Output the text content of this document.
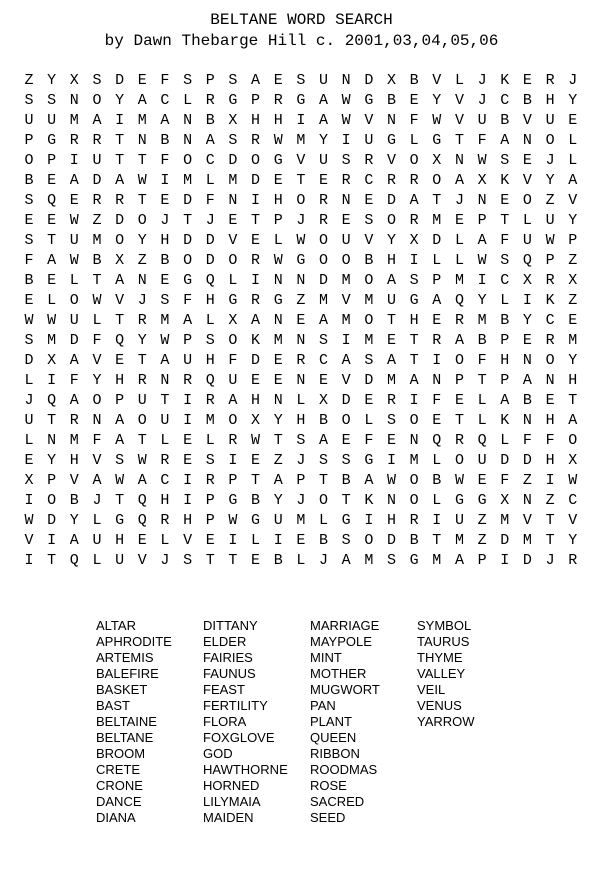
BELTANE WORD SEARCH
by Dawn Thebarge Hill c. 2001,03,04,05,06
Z Y X S D E F S P S A E S U N D X B V L J K E R J
S S N O Y A C L R G P R G A W G B E Y V J C B H Y
U U M A I M A N B X H H I A W V N F W V U B V U E
P G R R T N B N A S R W M Y I U G L G T F A N O L
O P I U T T F O C D O G V U S R V O X N W S E J L
B E A D A W I M L M D E T E R C R R O A X K V Y A
S Q E R R T E D F N I H O R N E D A T J N E O Z V
E E W Z D O J T J E T P J R E S O R M E P T L U Y
S T U M O Y H D D V E L W O U V Y X D L A F U W P
F A W B X Z B O D O R W G O O B H I L L W S Q P Z
B E L T A N E G Q L I N N D M O A S P M I C X R X
E L O W V J S F H G R G Z M V M U G A Q Y L I K Z
W W U L T R M A L X A N E A M O T H E R M B Y C E
S M D F Q Y W P S O K M N S I M E T R A B P E R M
D X A V E T A U H F D E R C A S A T I O F H N O Y
L I F Y H R N R Q U E E N E V D M A N P T P A N H
J Q A O P U T I R A H N L X D E R I F E L A B E T
U T R N A O U I M O X Y H B O L S O E T L K N H A
L N M F A T L E L R W T S A E F E N Q R Q L F F O
E Y H V S W R E S I E Z J S S G I M L O U D D H X
X P V A W A C I R P T A P T B A W O B W E F Z I W
I O B J T Q H I P G B Y J O T K N O L G G X N Z C
W D Y L G Q R H P W G U M L G I H R I U Z M V T V
V I A U H E L V E I L I E B S O D B T M Z D M T Y
I T Q L U V J S T T E B L J A M S G M A P I D J R
ALTAR
APHRODITE
ARTEMIS
BALEFIRE
BASKET
BAST
BELTAINE
BELTANE
BROOM
CRETE
CRONE
DANCE
DIANA
DITTANY
ELDER
FAIRIES
FAUNUS
FEAST
FERTILITY
FLORA
FOXGLOVE
GOD
HAWTHORNE
HORNED
LILYMAIA
MAIDEN
MARRIAGE
MAYPOLE
MINT
MOTHER
MUGWORT
PAN
PLANT
QUEEN
RIBBON
ROODMAS
ROSE
SACRED
SEED
SYMBOL
TAURUS
THYME
VALLEY
VEIL
VENUS
YARROW
